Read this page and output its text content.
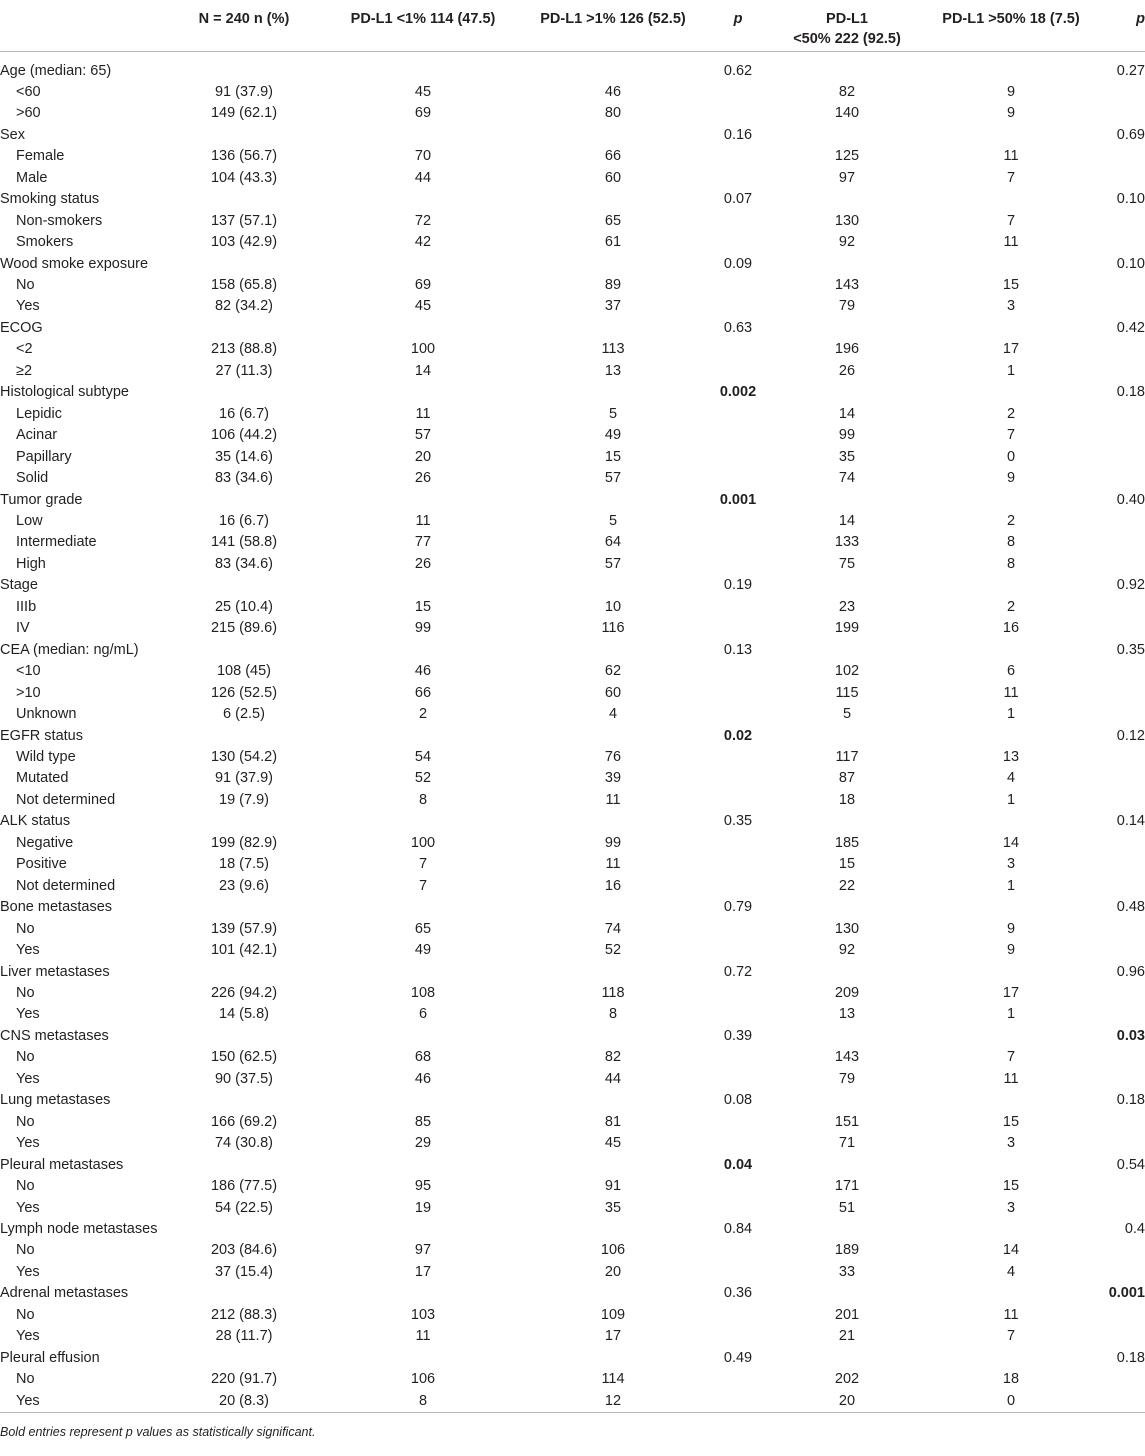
	N = 240 n (%)	PD-L1 <1% 114 (47.5)	PD-L1 >1% 126 (52.5)	p	PD-L1
<50% 222 (92.5)	PD-L1 >50% 18 (7.5)	p
Age (median: 65)				0.62			0.27
<60	91 (37.9)	45	46		82	9	
>60	149 (62.1)	69	80		140	9	
Sex				0.16			0.69
Female	136 (56.7)	70	66		125	11	
Male	104 (43.3)	44	60		97	7	
Smoking status				0.07			0.10
Non-smokers	137 (57.1)	72	65		130	7	
Smokers	103 (42.9)	42	61		92	11	
Wood smoke exposure				0.09			0.10
No	158 (65.8)	69	89		143	15	
Yes	82 (34.2)	45	37		79	3	
ECOG				0.63			0.42
<2	213 (88.8)	100	113		196	17	
≥2	27 (11.3)	14	13		26	1	
Histological subtype				0.002			0.18
Lepidic	16 (6.7)	11	5		14	2	
Acinar	106 (44.2)	57	49		99	7	
Papillary	35 (14.6)	20	15		35	0	
Solid	83 (34.6)	26	57		74	9	
Tumor grade				0.001			0.40
Low	16 (6.7)	11	5		14	2	
Intermediate	141 (58.8)	77	64		133	8	
High	83 (34.6)	26	57		75	8	
Stage				0.19			0.92
IIIb	25 (10.4)	15	10		23	2	
IV	215 (89.6)	99	116		199	16	
CEA (median: ng/mL)				0.13			0.35
<10	108 (45)	46	62		102	6	
>10	126 (52.5)	66	60		115	11	
Unknown	6 (2.5)	2	4		5	1	
EGFR status				0.02			0.12
Wild type	130 (54.2)	54	76		117	13	
Mutated	91 (37.9)	52	39		87	4	
Not determined	19 (7.9)	8	11		18	1	
ALK status				0.35			0.14
Negative	199 (82.9)	100	99		185	14	
Positive	18 (7.5)	7	11		15	3	
Not determined	23 (9.6)	7	16		22	1	
Bone metastases				0.79			0.48
No	139 (57.9)	65	74		130	9	
Yes	101 (42.1)	49	52		92	9	
Liver metastases				0.72			0.96
No	226 (94.2)	108	118		209	17	
Yes	14 (5.8)	6	8		13	1	
CNS metastases				0.39			0.03
No	150 (62.5)	68	82		143	7	
Yes	90 (37.5)	46	44		79	11	
Lung metastases				0.08			0.18
No	166 (69.2)	85	81		151	15	
Yes	74 (30.8)	29	45		71	3	
Pleural metastases				0.04			0.54
No	186 (77.5)	95	91		171	15	
Yes	54 (22.5)	19	35		51	3	
Lymph node metastases				0.84			0.4
No	203 (84.6)	97	106		189	14	
Yes	37 (15.4)	17	20		33	4	
Adrenal metastases				0.36			0.001
No	212 (88.3)	103	109		201	11	
Yes	28 (11.7)	11	17		21	7	
Pleural effusion				0.49			0.18
No	220 (91.7)	106	114		202	18	
Yes	20 (8.3)	8	12		20	0	
Bold entries represent p values as statistically significant.							
